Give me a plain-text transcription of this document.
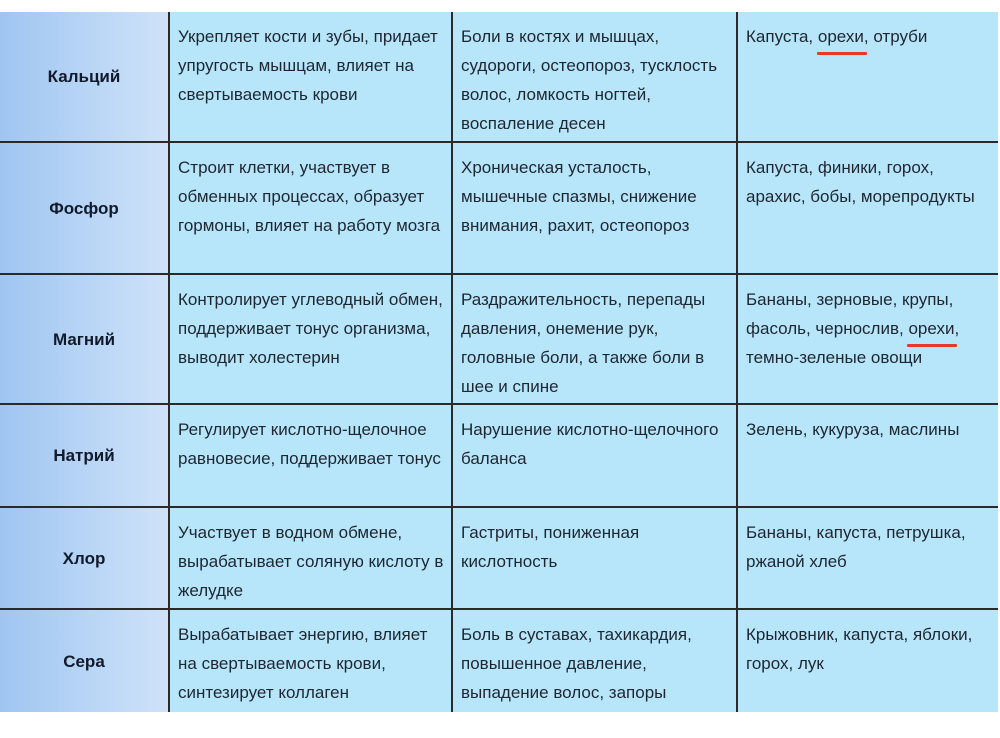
Кальций
Укрепляет кости и зубы, придает упругость мышцам, влияет на свертываемость крови
Боли в костях и мышцах, судороги, остеопороз, тусклость волос, ломкость ногтей, воспаление десен
Капуста, орехи, отруби
Фосфор
Строит клетки, участвует в обменных процессах, образует гормоны, влияет на работу мозга
Хроническая усталость, мышечные спазмы, снижение внимания, рахит, остеопороз
Капуста, финики, горох, арахис, бобы, морепродукты
Магний
Контролирует углеводный обмен, поддерживает тонус организма, выводит холестерин
Раздражительность, перепады давления, онемение рук, головные боли, а также боли в шее и спине
Бананы, зерновые, крупы, фасоль, чернослив, орехи, темно-зеленые овощи
Натрий
Регулирует кислотно-щелочное равновесие, поддерживает тонус
Нарушение кислотно-щелочного баланса
Зелень, кукуруза, маслины
Хлор
Участвует в водном обмене, вырабатывает соляную кислоту в желудке
Гастриты, пониженная кислотность
Бананы, капуста, петрушка, ржаной хлеб
Сера
Вырабатывает энергию, влияет на свертываемость крови, синтезирует коллаген
Боль в суставах, тахикардия, повышенное давление, выпадение волос, запоры
Крыжовник, капуста, яблоки, горох, лук
